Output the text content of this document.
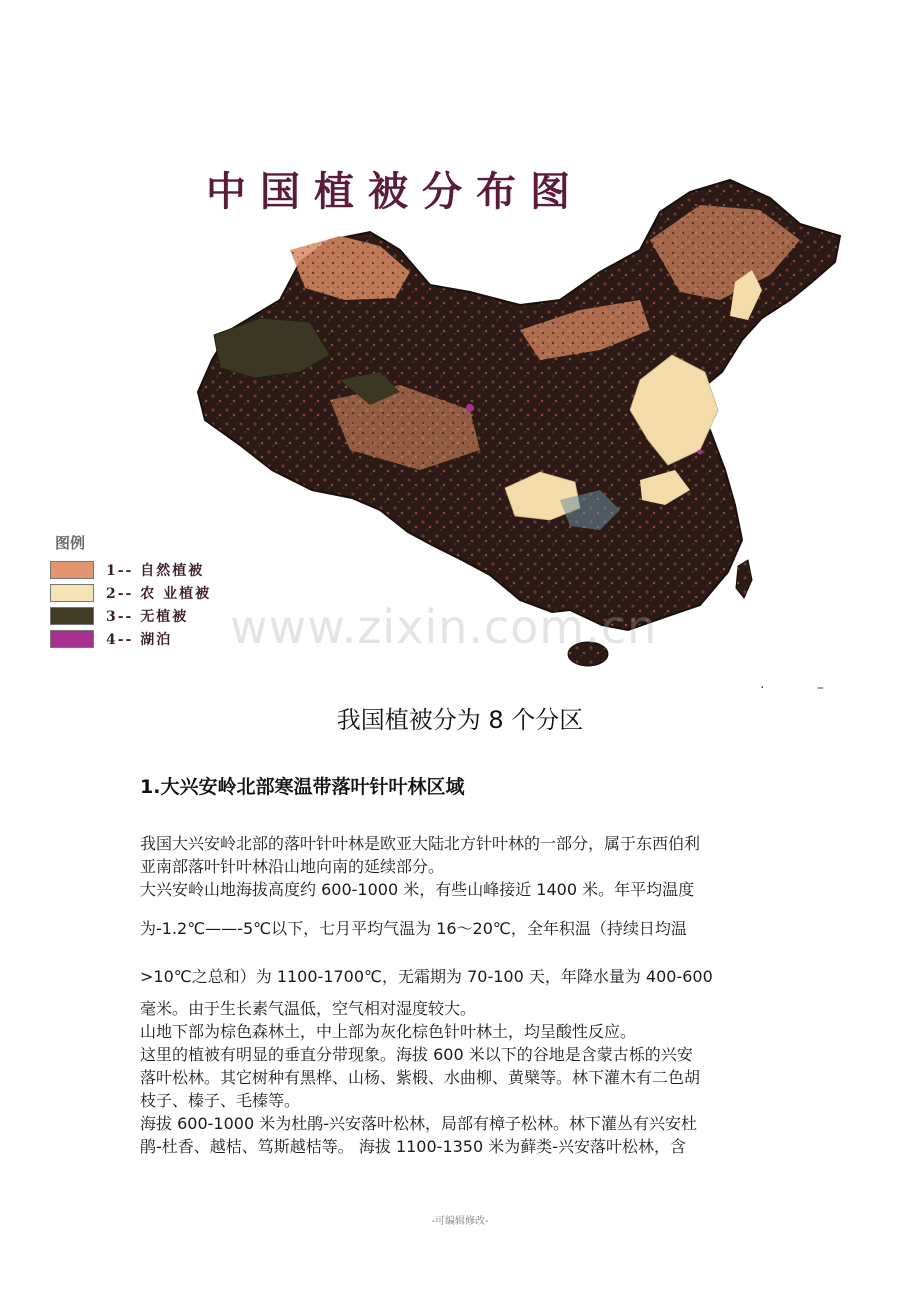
中国植被分布图
图例
1-- 自然植被
2-- 农 业植被
3-- 无植被
4-- 湖泊 www.zixin.com.cn
· –
我国植被分为 8 个分区
1.大兴安岭北部寒温带落叶针叶林区域
我国大兴安岭北部的落叶针叶林是欧亚大陆北方针叶林的一部分，属于东西伯利
亚南部落叶针叶林沿山地向南的延续部分。
大兴安岭山地海拔高度约 600-1000 米，有些山峰接近 1400 米。年平均温度
为-1.2℃——-5℃以下，七月平均气温为 16～20℃，全年积温（持续日均温
>10℃之总和）为 1100-1700℃，无霜期为 70-100 天，年降水量为 400-600
毫米。由于生长素气温低，空气相对湿度较大。
山地下部为棕色森林土，中上部为灰化棕色针叶林土，均呈酸性反应。
这里的植被有明显的垂直分带现象。海拔 600 米以下的谷地是含蒙古栎的兴安
落叶松林。其它树种有黑桦、山杨、紫椴、水曲柳、黄檗等。林下灌木有二色胡
枝子、榛子、毛榛等。
海拔 600-1000 米为杜鹃-兴安落叶松林，局部有樟子松林。林下灌丛有兴安杜
鹃-杜香、越桔、笃斯越桔等。 海拔 1100-1350 米为藓类-兴安落叶松林，含
-可编辑修改-
